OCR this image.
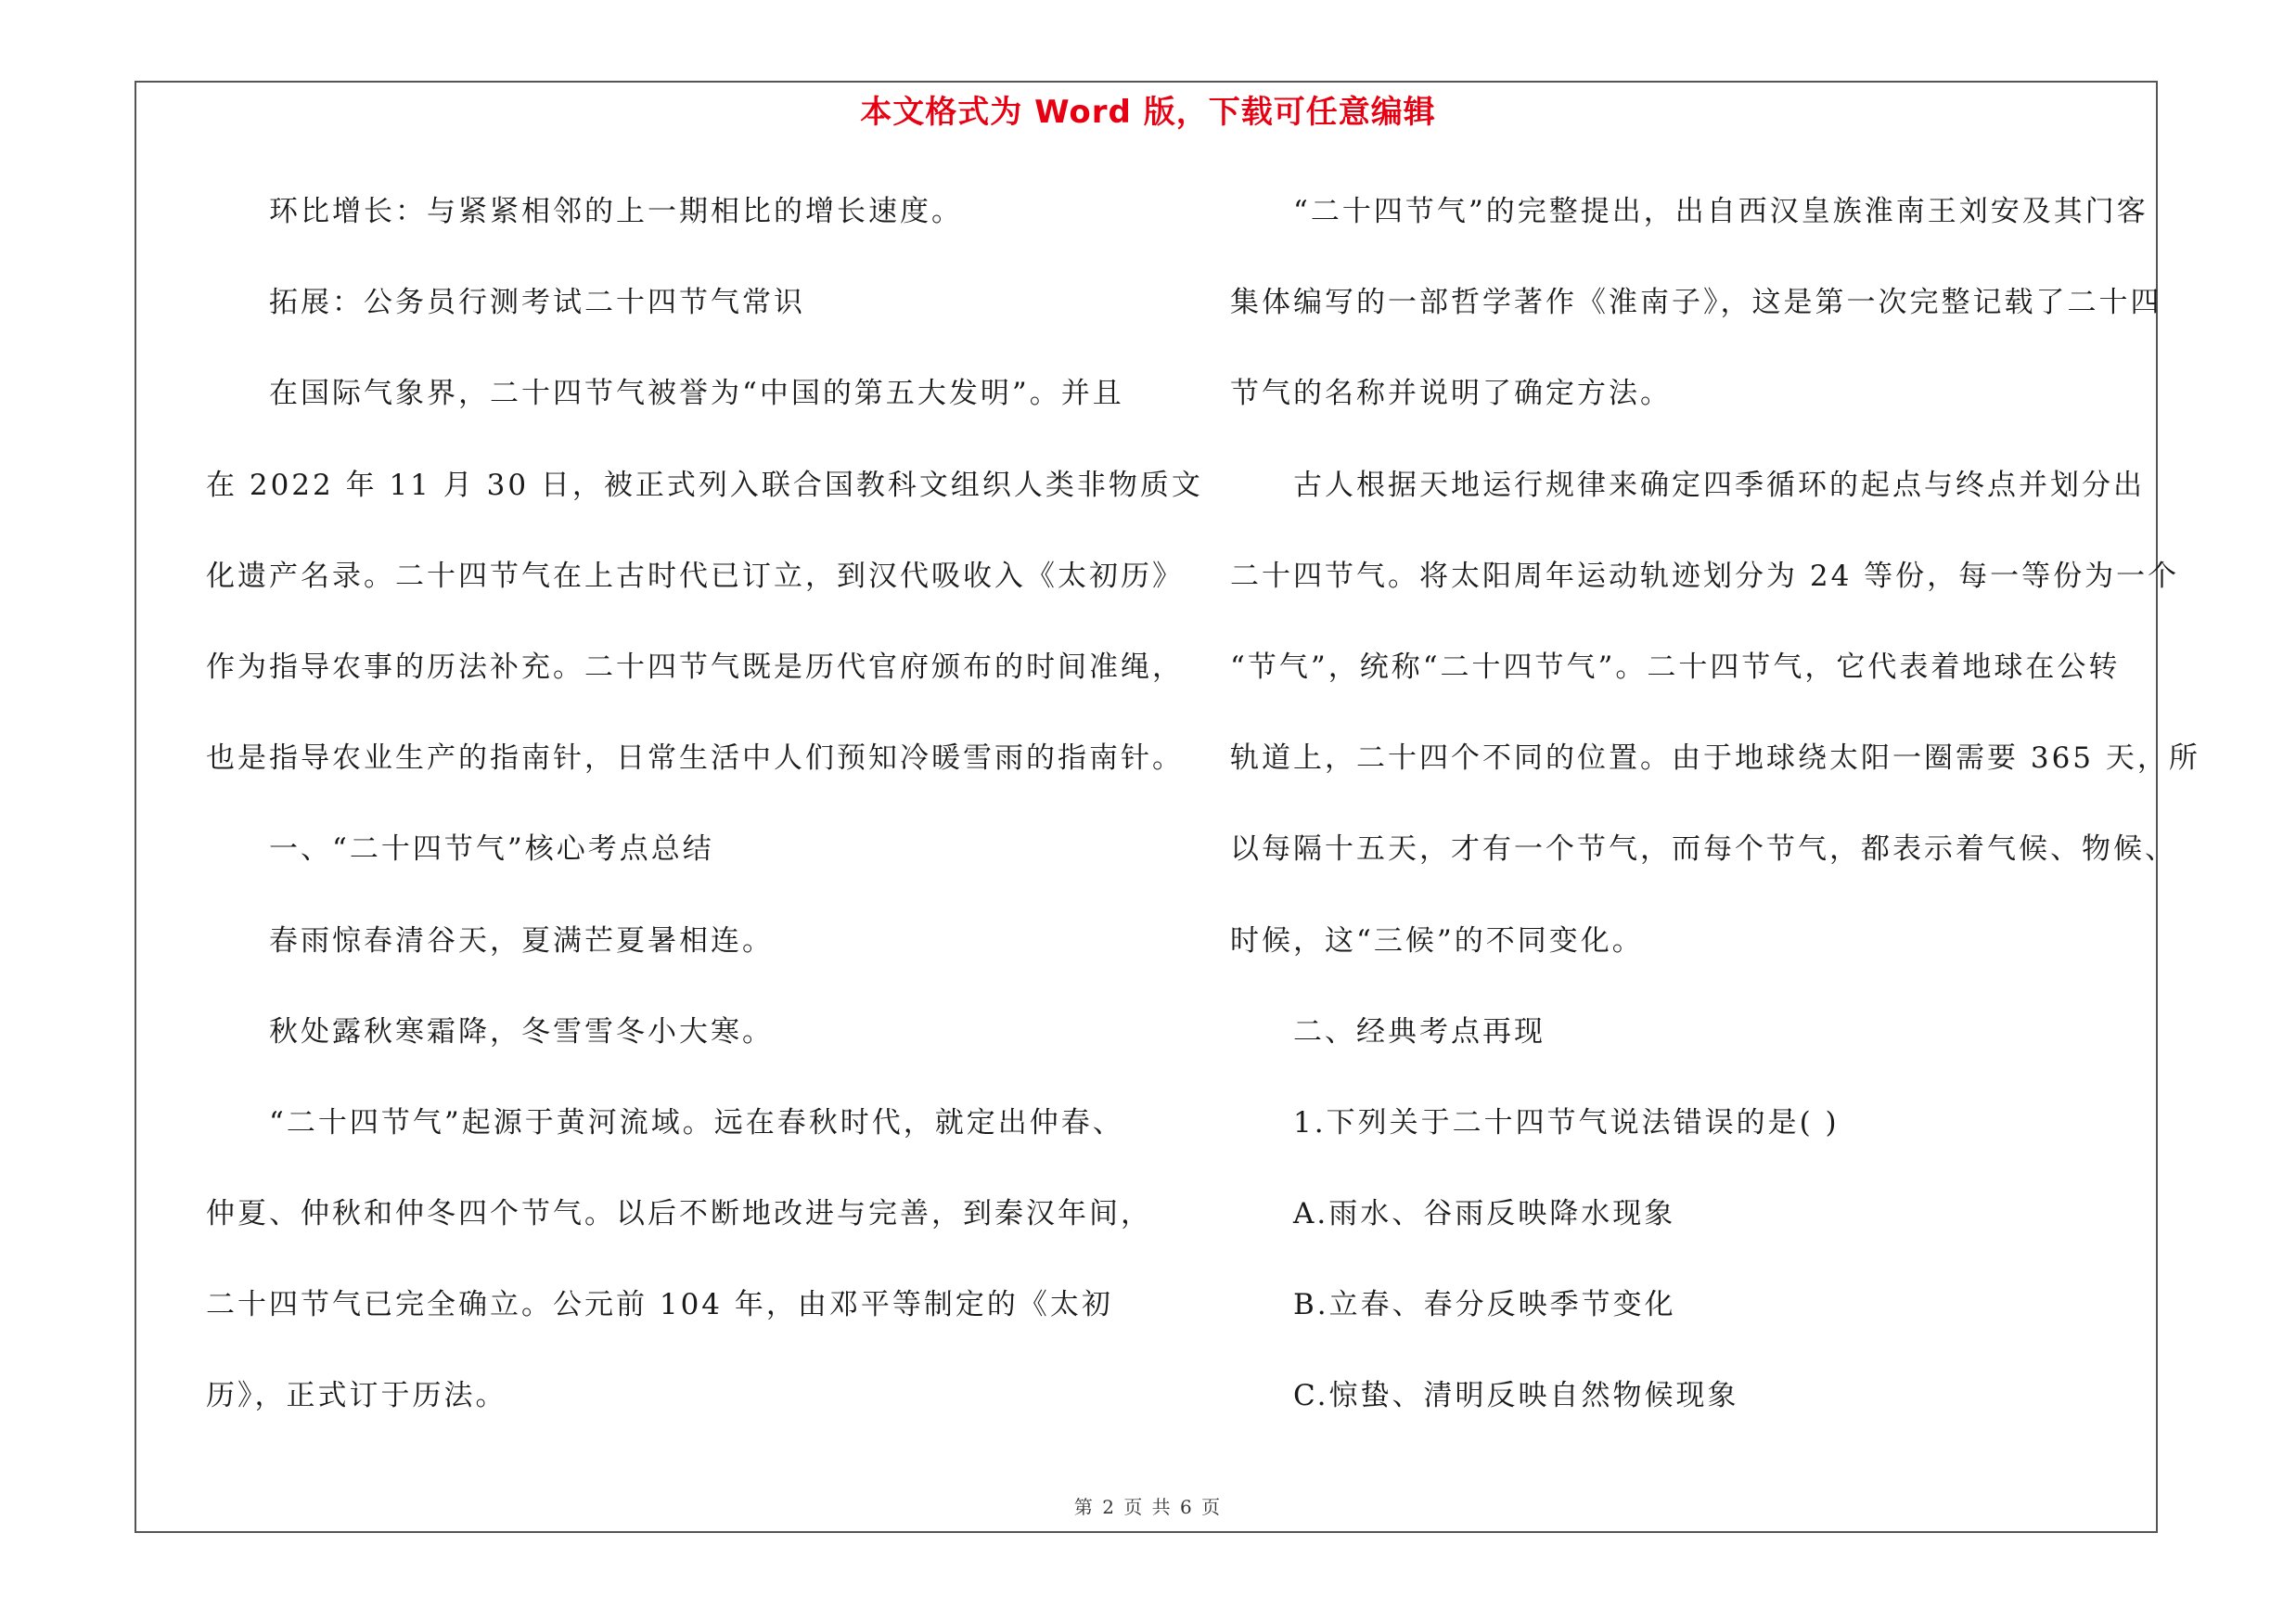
本文格式为 Word 版，下载可任意编辑
环比增长：与紧紧相邻的上一期相比的增长速度。
拓展：公务员行测考试二十四节气常识
在国际气象界，二十四节气被誉为“中国的第五大发明”。并且
在 2022 年 11 月 30 日，被正式列入联合国教科文组织人类非物质文
化遗产名录。二十四节气在上古时代已订立，到汉代吸收入《太初历》
作为指导农事的历法补充。二十四节气既是历代官府颁布的时间准绳，
也是指导农业生产的指南针，日常生活中人们预知冷暖雪雨的指南针。
一、“二十四节气”核心考点总结
春雨惊春清谷天，夏满芒夏暑相连。
秋处露秋寒霜降，冬雪雪冬小大寒。
“二十四节气”起源于黄河流域。远在春秋时代，就定出仲春、
仲夏、仲秋和仲冬四个节气。以后不断地改进与完善，到秦汉年间，
二十四节气已完全确立。公元前 104 年，由邓平等制定的《太初
历》，正式订于历法。
“二十四节气”的完整提出，出自西汉皇族淮南王刘安及其门客
集体编写的一部哲学著作《淮南子》，这是第一次完整记载了二十四
节气的名称并说明了确定方法。
古人根据天地运行规律来确定四季循环的起点与终点并划分出
二十四节气。将太阳周年运动轨迹划分为 24 等份，每一等份为一个
“节气”，统称“二十四节气”。二十四节气，它代表着地球在公转
轨道上，二十四个不同的位置。由于地球绕太阳一圈需要 365 天，所
以每隔十五天，才有一个节气，而每个节气，都表示着气候、物候、
时候，这“三候”的不同变化。
二、经典考点再现
1.下列关于二十四节气说法错误的是( )
A.雨水、谷雨反映降水现象
B.立春、春分反映季节变化
C.惊蛰、清明反映自然物候现象
第 2 页 共 6 页
